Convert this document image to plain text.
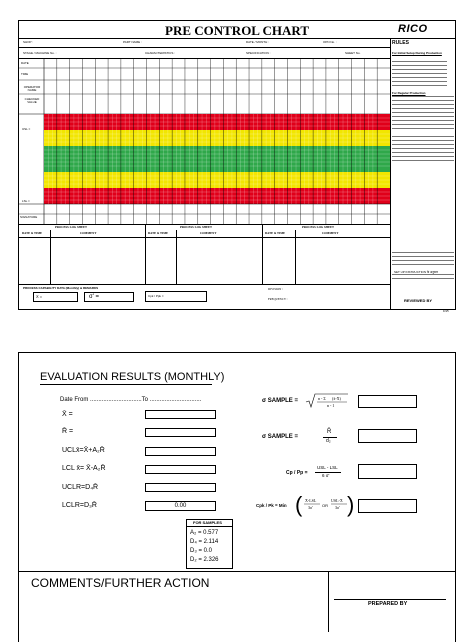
PRE CONTROL CHART	RICO
SHOP :	PART NAME :	DATE / MONTH :	OPN No. :
STAGE / MACHINE No. :	CHARACTERISTICS :	SPECIFICATION :	SHEET No.
DATE
TIME
OPERATOR NAME
CHECKED VALUE
USL =
LSL =
SIGNATURE
RULES
For Initial Setup During Production
For Regular Production
SET UP INSTRUCTION के अनुसार
PROCESS LOG SHEET	PROCESS LOG SHEET	PROCESS LOG SHEET
DATE & TIME	COMMENT	DATE & TIME	COMMENT	DATE & TIME	COMMENT
PROCESS CAPABILITY DATA (Monthly) & REMARKS
X̄ =	σ' =	Cpk / Ppk =
DIVISION :
FREQUENCY :	REVIEWED BY
F/3/5
EVALUATION RESULTS (MONTHLY)
Date From ...............................To ...............................
X̄ =
R̄ =
UCLx̄=X̄+A₂R̄
LCL x̄= X̄-A₂R̄
UCLR=D₄R̄
LCLR=D₃R̄	0.00
FOR SAMPLES
A₂ = 0.577
D₄ = 2.114
D₃ = 0.0
D₂ = 2.326
σ SAMPLE =	n - Σ (x̄-X̄)
n - 1
σ SAMPLE =
R̄
d₂
Cp / Pp =
USL - LSL
6 σ'
Cpk / Pk = Min ( X̄-LSL
3σ' OR
USL-X̄
3σ' )
COMMENTS/FURTHER ACTION
PREPARED BY
